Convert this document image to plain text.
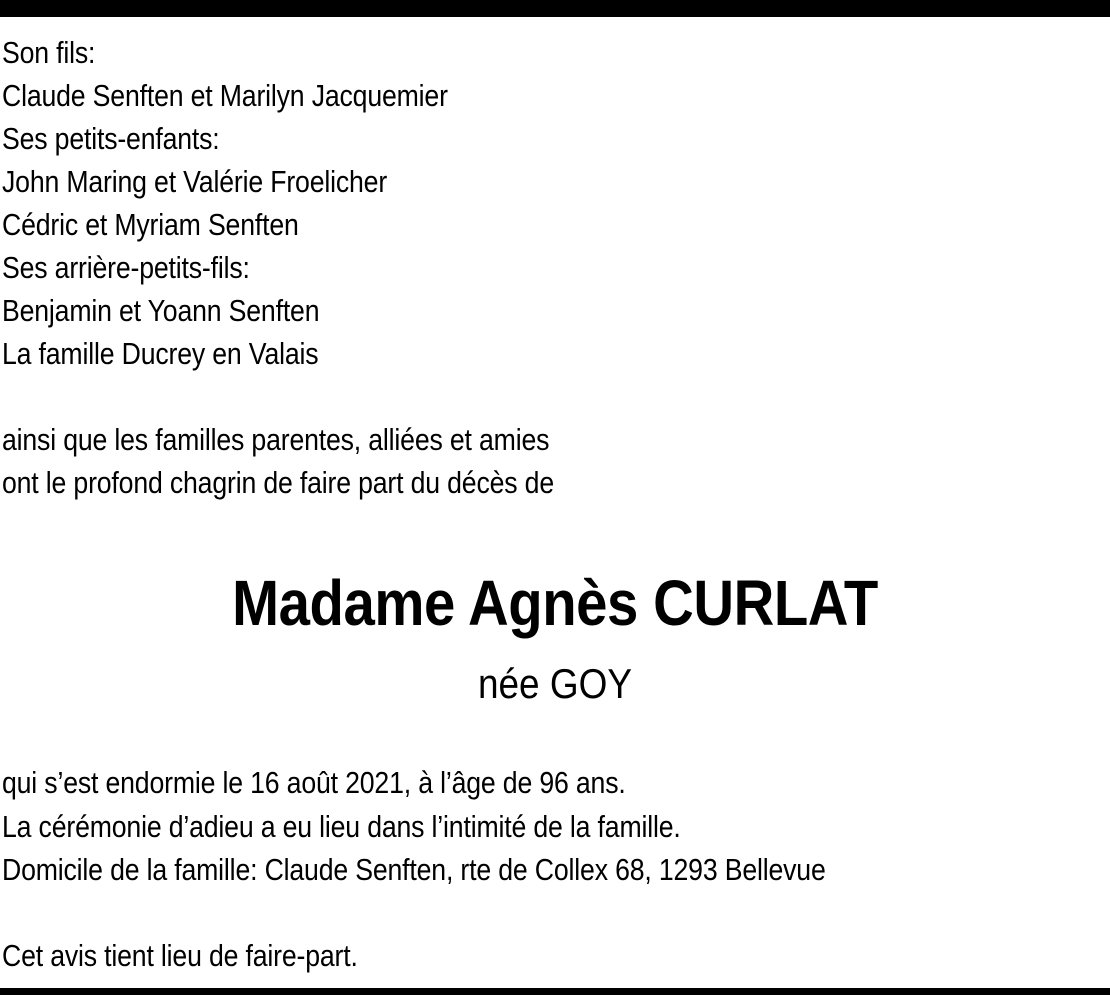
Son fils:
Claude Senften et Marilyn Jacquemier
Ses petits-enfants:
John Maring et Valérie Froelicher
Cédric et Myriam Senften
Ses arrière-petits-fils:
Benjamin et Yoann Senften
La famille Ducrey en Valais
ainsi que les familles parentes, alliées et amies
ont le profond chagrin de faire part du décès de
Madame Agnès CURLAT
née GOY
qui s’est endormie le 16 août 2021, à l’âge de 96 ans.
La cérémonie d’adieu a eu lieu dans l’intimité de la famille.
Domicile de la famille: Claude Senften, rte de Collex 68, 1293 Bellevue
Cet avis tient lieu de faire-part.
